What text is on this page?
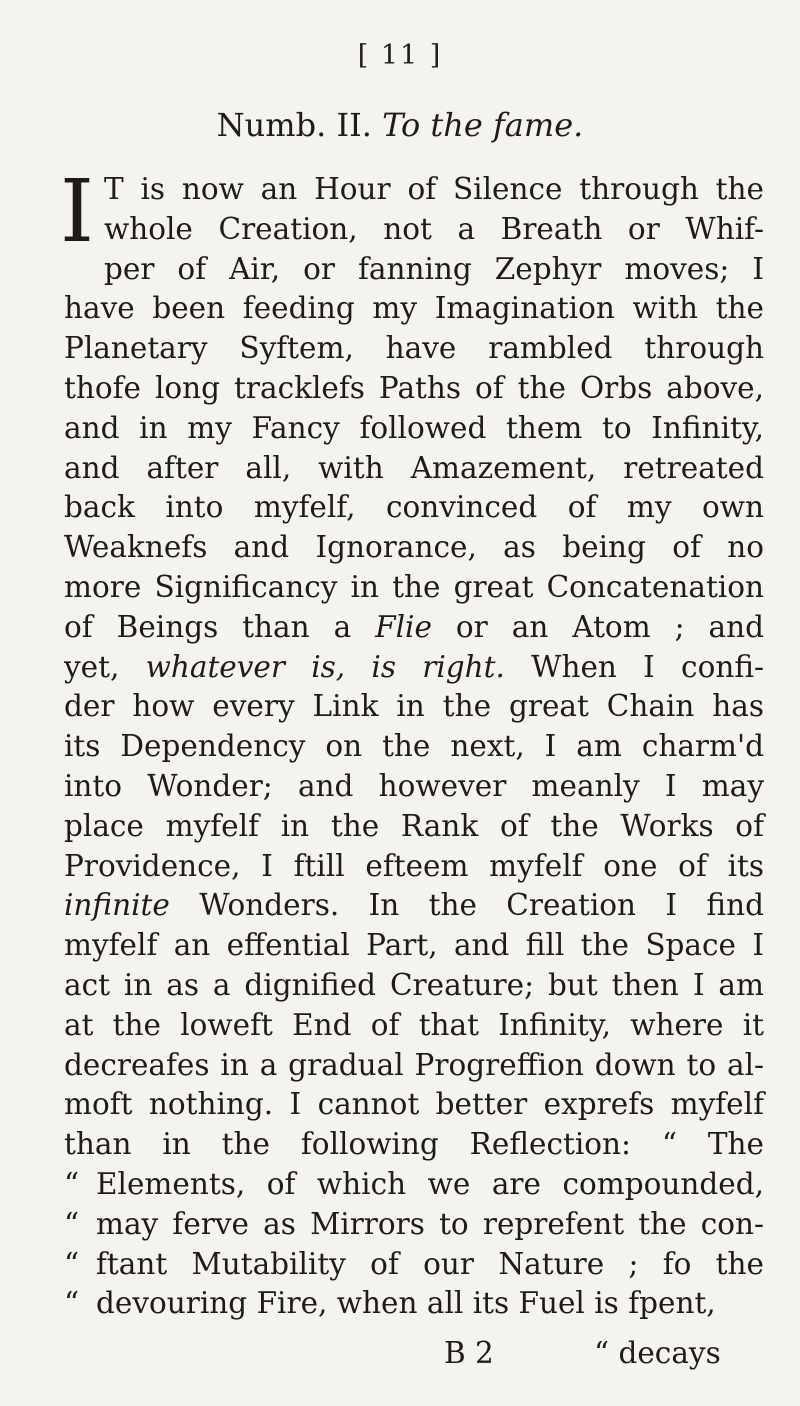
[ 11 ]
Numb. II. To the fame.
I T is now an Hour of Silence through the
whole Creation, not a Breath or Whif-
per of Air, or fanning Zephyr moves; I
have been feeding my Imagination with the
Planetary Syftem, have rambled through
thofe long tracklefs Paths of the Orbs above,
and in my Fancy followed them to Infinity,
and after all, with Amazement, retreated
back into myfelf, convinced of my own
Weaknefs and Ignorance, as being of no
more Significancy in the great Concatenation
of Beings than a Flie or an Atom ; and
yet, whatever is, is right. When I confi-
der how every Link in the great Chain has
its Dependency on the next, I am charm'd
into Wonder; and however meanly I may
place myfelf in the Rank of the Works of
Providence, I ftill efteem myfelf one of its
infinite Wonders. In the Creation I find
myfelf an effential Part, and fill the Space I
act in as a dignified Creature; but then I am
at the loweft End of that Infinity, where it
decreafes in a gradual Progreffion down to al-
moft nothing. I cannot better exprefs myfelf
than in the following Reflection: “ The
“ Elements, of which we are compounded,
“ may ferve as Mirrors to reprefent the con-
“ ftant Mutability of our Nature ; fo the
“ devouring Fire, when all its Fuel is fpent,
B 2	“ decays
